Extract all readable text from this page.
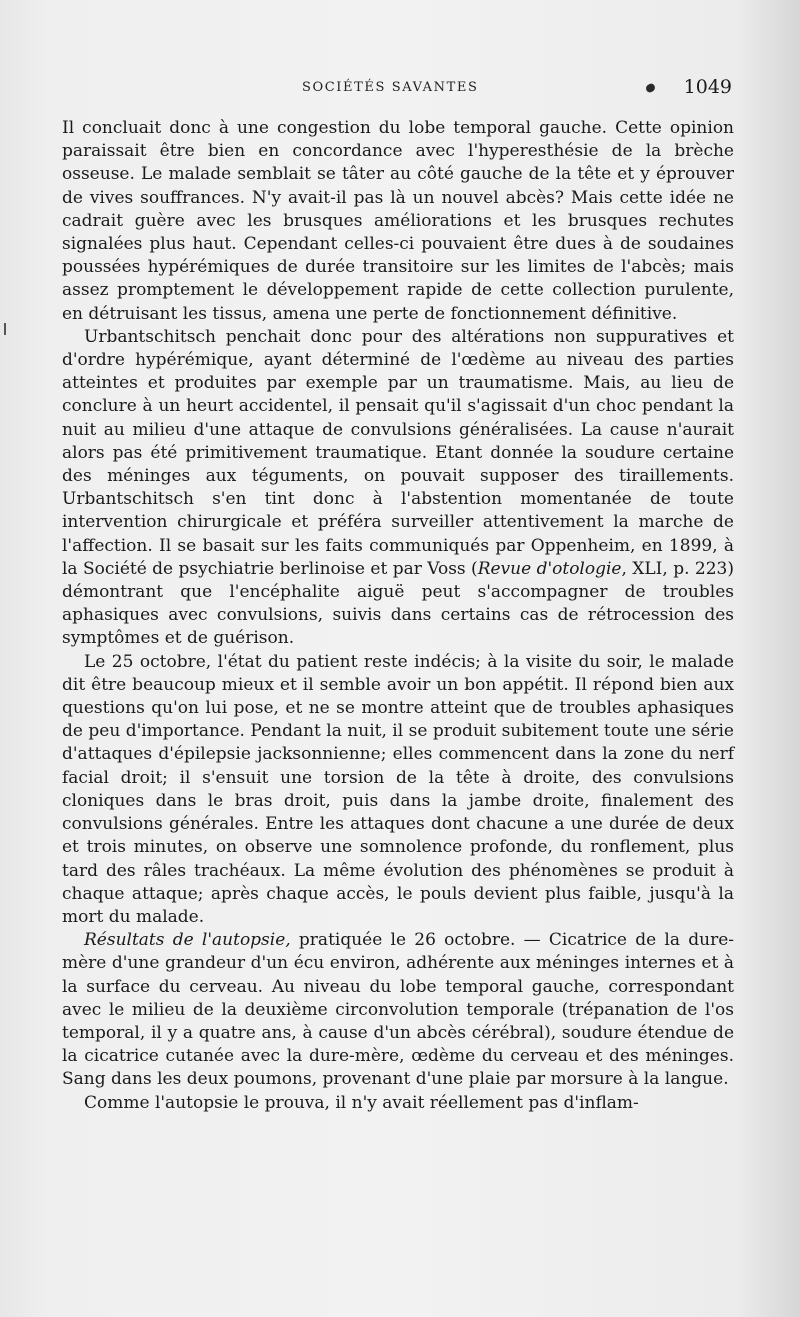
SOCIÉTÉS SAVANTES	1049

Il concluait donc à une congestion du lobe temporal gauche. Cette opinion paraissait être bien en concordance avec l'hyperesthésie de la brèche osseuse. Le malade semblait se tâter au côté gauche de la tête et y éprouver de vives souffrances. N'y avait-il pas là un nouvel abcès? Mais cette idée ne cadrait guère avec les brusques améliorations et les brusques rechutes signalées plus haut. Cependant celles-ci pouvaient être dues à de soudaines poussées hypérémiques de durée transitoire sur les limites de l'abcès; mais assez promptement le développement rapide de cette collection purulente, en détruisant les tissus, amena une perte de fonctionnement définitive.

Urbantschitsch penchait donc pour des altérations non suppuratives et d'ordre hypérémique, ayant déterminé de l'œdème au niveau des parties atteintes et produites par exemple par un traumatisme. Mais, au lieu de conclure à un heurt accidentel, il pensait qu'il s'agissait d'un choc pendant la nuit au milieu d'une attaque de convulsions généralisées. La cause n'aurait alors pas été primitivement traumatique. Etant donnée la soudure certaine des méninges aux téguments, on pouvait supposer des tiraillements. Urbantschitsch s'en tint donc à l'abstention momentanée de toute intervention chirurgicale et préféra surveiller attentivement la marche de l'affection. Il se basait sur les faits communiqués par Oppenheim, en 1899, à la Société de psychiatrie berlinoise et par Voss (Revue d'otologie, XLI, p. 223) démontrant que l'encéphalite aiguë peut s'accompagner de troubles aphasiques avec convulsions, suivis dans certains cas de rétrocession des symptômes et de guérison.

Le 25 octobre, l'état du patient reste indécis; à la visite du soir, le malade dit être beaucoup mieux et il semble avoir un bon appétit. Il répond bien aux questions qu'on lui pose, et ne se montre atteint que de troubles aphasiques de peu d'importance. Pendant la nuit, il se produit subitement toute une série d'attaques d'épilepsie jacksonnienne; elles commencent dans la zone du nerf facial droit; il s'ensuit une torsion de la tête à droite, des convulsions cloniques dans le bras droit, puis dans la jambe droite, finalement des convulsions générales. Entre les attaques dont chacune a une durée de deux et trois minutes, on observe une somnolence profonde, du ronflement, plus tard des râles trachéaux. La même évolution des phénomènes se produit à chaque attaque; après chaque accès, le pouls devient plus faible, jusqu'à la mort du malade.

Résultats de l'autopsie, pratiquée le 26 octobre. — Cicatrice de la dure-mère d'une grandeur d'un écu environ, adhérente aux méninges internes et à la surface du cerveau. Au niveau du lobe temporal gauche, correspondant avec le milieu de la deuxième circonvolution temporale (trépanation de l'os temporal, il y a quatre ans, à cause d'un abcès cérébral), soudure étendue de la cicatrice cutanée avec la dure-mère, œdème du cerveau et des méninges. Sang dans les deux poumons, provenant d'une plaie par morsure à la langue.

Comme l'autopsie le prouva, il n'y avait réellement pas d'inflam-
